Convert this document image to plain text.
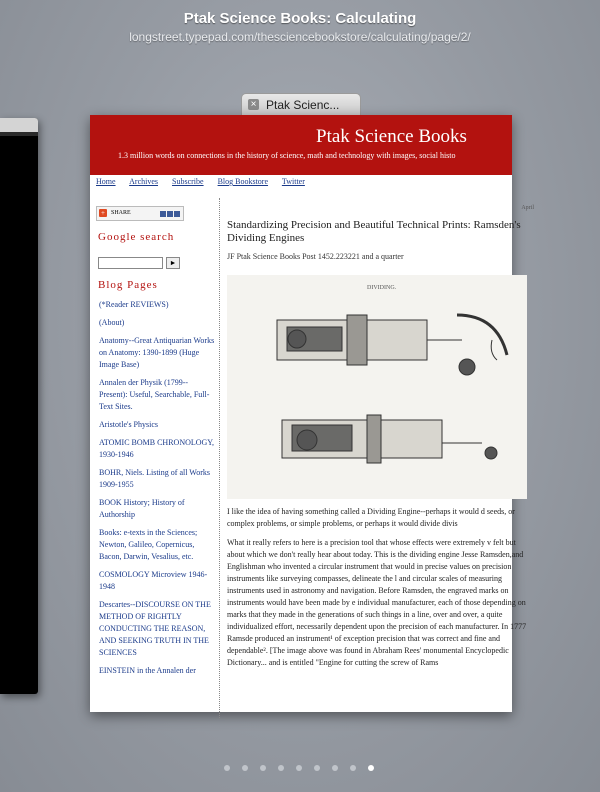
Ptak Science Books: Calculating
longstreet.typepad.com/thesciencebookstore/calculating/page/2/
× Ptak Scienc...
Ptak Science Books
1.3 million words on connections in the history of science, math and technology with images, social histo
Home Archives Subscribe Blog Bookstore Twitter
+	SHARE
Google search
►
Blog Pages
(*Reader REVIEWS)
(About)
Anatomy--Great Antiquarian Works on Anatomy: 1390-1899 (Huge Image Base)
Annalen der Physik (1799--Present): Useful, Searchable, Full-Text Sites.
Aristotle's Physics
ATOMIC BOMB CHRONOLOGY, 1930-1946
BOHR, Niels. Listing of all Works 1909-1955
BOOK History; History of Authorship
Books: e-texts in the Sciences; Newton, Galileo, Copernicus, Bacon, Darwin, Vesalius, etc.
COSMOLOGY Microview 1946-1948
Descartes--DISCOURSE ON THE METHOD OF RIGHTLY CONDUCTING THE REASON, AND SEEKING TRUTH IN THE SCIENCES
EINSTEIN in the Annalen der
April
Standardizing Precision and Beautiful Technical Prints: Ramsden's Dividing Engines
JF Ptak Science Books Post 1452.223221 and a quarter
DIVIDING.

I like the idea of having something called a Dividing Engine--perhaps it would d seeds, or complex problems, or simple problems, or perhaps it would divide divis

What it really refers to here is a precision tool that whose effects were extremely v felt but about which we don't really hear about today. This is the dividing engine Jesse Ramsden,and Englishman who invented a circular instrument that would in precise values on precision instruments like surveying compasses, delineate the l and circular scales of measuring instruments used in astronomy and navigation. Before Ramsden, the engraved marks on instruments would have been made by e individual manufacturer, each of those depending on marks that they made in the generations of such things in a line, over and over, a quite individualized effort, necessarily dependent upon the precision of each manufacturer. In 1777 Ramsde produced an instrument¹ of exception precision that was correct and fine and dependable². [The image above was found in Abraham Rees' monumental Encyclopedic Dictionary... and is entitled "Engine for cutting the screw of Rams
